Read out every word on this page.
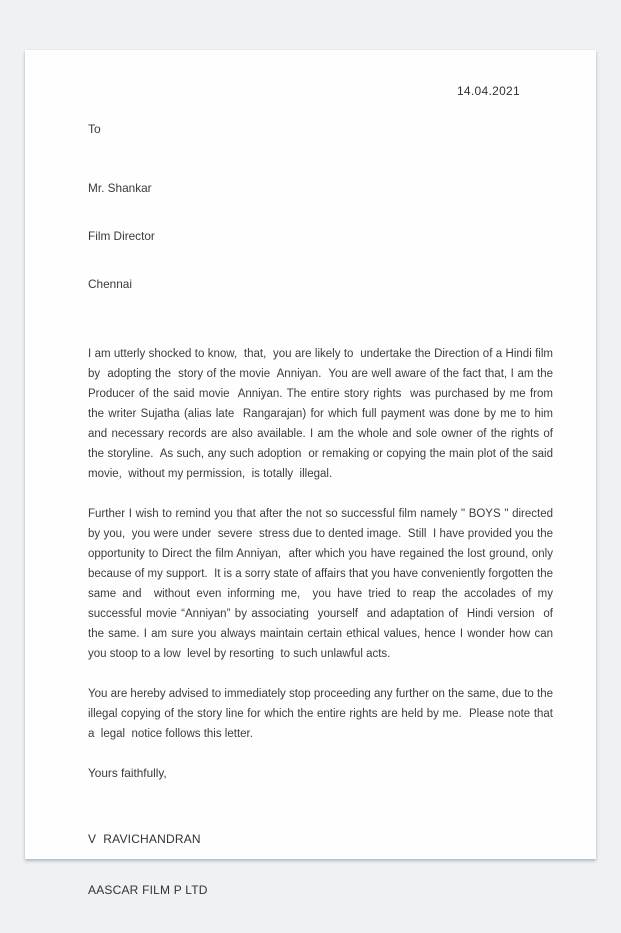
14.04.2021
To

Mr. Shankar

Film Director

Chennai

I am utterly shocked to know,  that,  you are likely to  undertake the Direction of a Hindi film  by  adopting the  story of the movie  Anniyan.  You are well aware of the fact that, I am the Producer of the said movie  Anniyan. The entire story rights  was purchased by me from the writer Sujatha (alias late  Rangarajan) for which full payment was done by me to him  and necessary records are also available. I am the whole and sole owner of the rights of the storyline.  As such, any such adoption  or remaking or copying the main plot of the said movie,  without my permission,  is totally  illegal.

Further I wish to remind you that after the not so successful film namely " BOYS " directed by you,  you were under  severe  stress due to dented image.  Still  I have provided you the opportunity to Direct the film Anniyan,  after which you have regained the lost ground, only because of my support.  It is a sorry state of affairs that you have conveniently forgotten the same and  without even informing me,  you have tried to reap the accolades of my successful movie “Anniyan” by associating  yourself  and adaptation of  Hindi version  of the same. I am sure you always maintain certain ethical values, hence I wonder how can you stoop to a low  level by resorting  to such unlawful acts.

You are hereby advised to immediately stop proceeding any further on the same, due to the illegal copying of the story line for which the entire rights are held by me.  Please note that a  legal  notice follows this letter.

Yours faithfully,

V  RAVICHANDRAN

AASCAR FILM P LTD
